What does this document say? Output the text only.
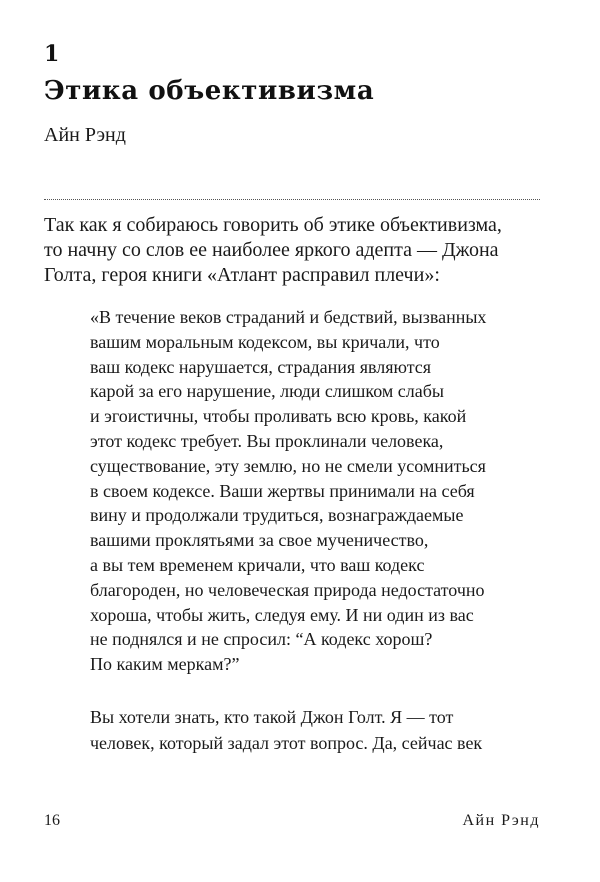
1
Этика объективизма
Айн Рэнд
Так как я собираюсь говорить об этике объективизма,
то начну со слов ее наиболее яркого адепта — Джона
Голта, героя книги «Атлант расправил плечи»:
«В течение веков страданий и бедствий, вызванных
вашим моральным кодексом, вы кричали, что
ваш кодекс нарушается, страдания являются
карой за его нарушение, люди слишком слабы
и эгоистичны, чтобы проливать всю кровь, какой
этот кодекс требует. Вы проклинали человека,
существование, эту землю, но не смели усомниться
в своем кодексе. Ваши жертвы принимали на себя
вину и продолжали трудиться, вознаграждаемые
вашими проклятьями за свое мученичество,
а вы тем временем кричали, что ваш кодекс
благороден, но человеческая природа недостаточно
хороша, чтобы жить, следуя ему. И ни один из вас
не поднялся и не спросил: “А кодекс хорош?
По каким меркам?”
Вы хотели знать, кто такой Джон Голт. Я — тот
человек, который задал этот вопрос. Да, сейчас век
16	Айн Рэнд
